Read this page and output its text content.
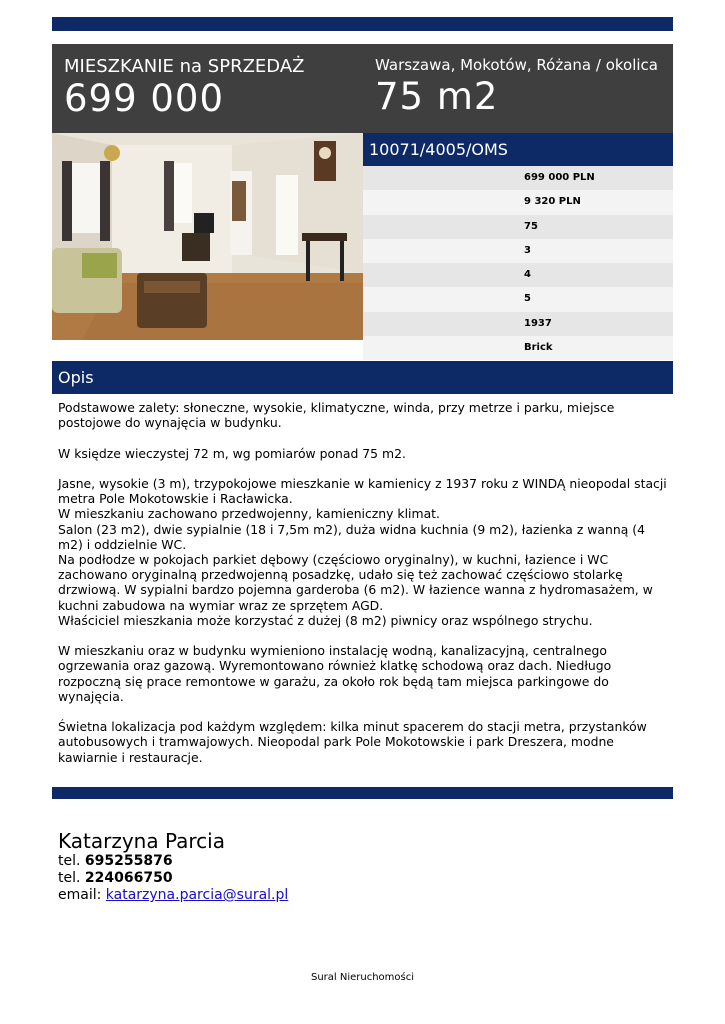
MIESZKANIE na SPRZEDAŻ
699 000
Warszawa, Mokotów, Różana / okolica
75 m2
10071/4005/OMS
699 000 PLN
9 320 PLN
75
3
4
5
1937
Brick
Opis

Podstawowe zalety: słoneczne, wysokie, klimatyczne, winda, przy metrze i parku, miejsce postojowe do wynajęcia w budynku.

W księdze wieczystej 72 m, wg pomiarów ponad 75 m2.

Jasne, wysokie (3 m), trzypokojowe mieszkanie w kamienicy z 1937 roku z WINDĄ nieopodal stacji metra Pole Mokotowskie i Racławicka.

W mieszkaniu zachowano przedwojenny, kamieniczny klimat.

Salon (23 m2), dwie sypialnie (18 i 7,5m m2), duża widna kuchnia (9 m2), łazienka z wanną (4 m2) i oddzielnie WC.

Na podłodze w pokojach parkiet dębowy (częściowo oryginalny), w kuchni, łazience i WC zachowano oryginalną przedwojenną posadzkę, udało się też zachować częściowo stolarkę drzwiową. W sypialni bardzo pojemna garderoba (6 m2). W łazience wanna z hydromasażem, w kuchni zabudowa na wymiar wraz ze sprzętem AGD.

Właściciel mieszkania może korzystać z dużej (8 m2) piwnicy oraz wspólnego strychu.

W mieszkaniu oraz w budynku wymieniono instalację wodną, kanalizacyjną, centralnego ogrzewania oraz gazową. Wyremontowano również klatkę schodową oraz dach. Niedługo rozpoczną się prace remontowe w garażu, za około rok będą tam miejsca parkingowe do wynajęcia.

Świetna lokalizacja pod każdym względem: kilka minut spacerem do stacji metra, przystanków autobusowych i tramwajowych. Nieopodal park Pole Mokotowskie i park Dreszera, modne kawiarnie i restauracje.

Katarzyna Parcia
tel. 695255876
tel. 224066750
email: katarzyna.parcia@sural.pl
Sural Nieruchomości
